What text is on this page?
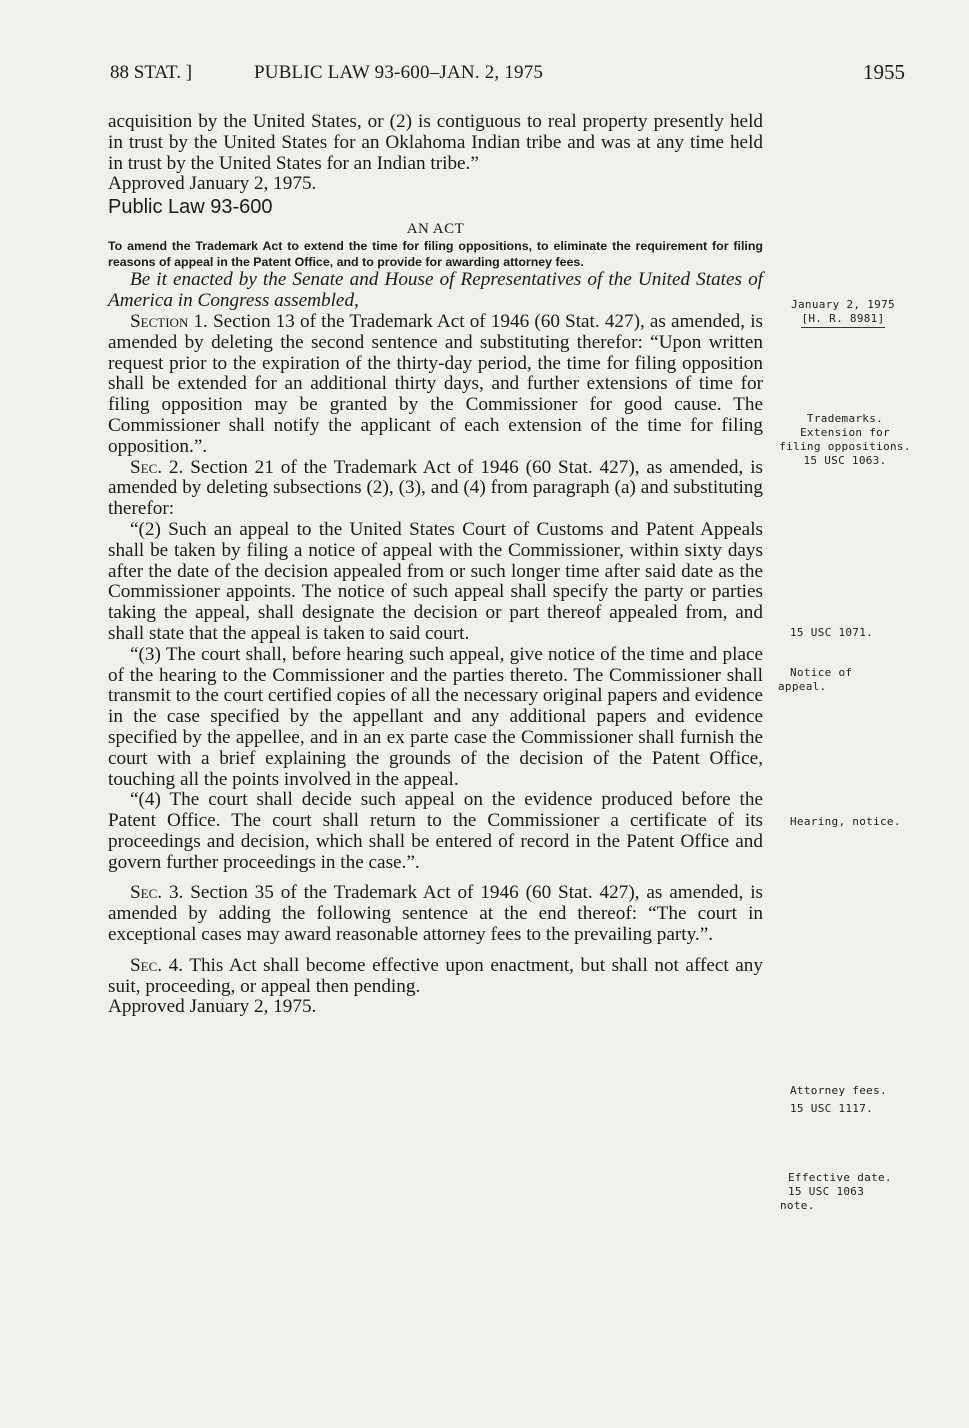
88 STAT. ]	PUBLIC LAW 93-600–JAN. 2, 1975	1955

acquisition by the United States, or (2) is contiguous to real property presently held in trust by the United States for an Oklahoma Indian tribe and was at any time held in trust by the United States for an Indian tribe.”

Approved January 2, 1975.

Public Law 93-600

AN ACT

To amend the Trademark Act to extend the time for filing oppositions, to eliminate the requirement for filing reasons of appeal in the Patent Office, and to provide for awarding attorney fees.

Be it enacted by the Senate and House of Representatives of the United States of America in Congress assembled,

Section 1. Section 13 of the Trademark Act of 1946 (60 Stat. 427), as amended, is amended by deleting the second sentence and substituting therefor: “Upon written request prior to the expiration of the thirty-day period, the time for filing opposition shall be extended for an additional thirty days, and further extensions of time for filing opposition may be granted by the Commissioner for good cause. The Commissioner shall notify the applicant of each extension of the time for filing opposition.”.

Sec. 2. Section 21 of the Trademark Act of 1946 (60 Stat. 427), as amended, is amended by deleting subsections (2), (3), and (4) from paragraph (a) and substituting therefor:

“(2) Such an appeal to the United States Court of Customs and Patent Appeals shall be taken by filing a notice of appeal with the Commissioner, within sixty days after the date of the decision appealed from or such longer time after said date as the Commissioner appoints. The notice of such appeal shall specify the party or parties taking the appeal, shall designate the decision or part thereof appealed from, and shall state that the appeal is taken to said court.

“(3) The court shall, before hearing such appeal, give notice of the time and place of the hearing to the Commissioner and the parties thereto. The Commissioner shall transmit to the court certified copies of all the necessary original papers and evidence in the case specified by the appellant and any additional papers and evidence specified by the appellee, and in an ex parte case the Commissioner shall furnish the court with a brief explaining the grounds of the decision of the Patent Office, touching all the points involved in the appeal.

“(4) The court shall decide such appeal on the evidence produced before the Patent Office. The court shall return to the Commissioner a certificate of its proceedings and decision, which shall be entered of record in the Patent Office and govern further proceedings in the case.”.

Sec. 3. Section 35 of the Trademark Act of 1946 (60 Stat. 427), as amended, is amended by adding the following sentence at the end thereof: “The court in exceptional cases may award reasonable attorney fees to the prevailing party.”.

Sec. 4. This Act shall become effective upon enactment, but shall not affect any suit, proceeding, or appeal then pending.

Approved January 2, 1975.

January 2, 1975
[H. R. 8981]
Trademarks.
Extension for
filing oppositions.
15 USC 1063.
15 USC 1071.
Notice of
appeal.
Hearing, notice.
Attorney fees.
15 USC 1117.
Effective date.
15 USC 1063
note.
